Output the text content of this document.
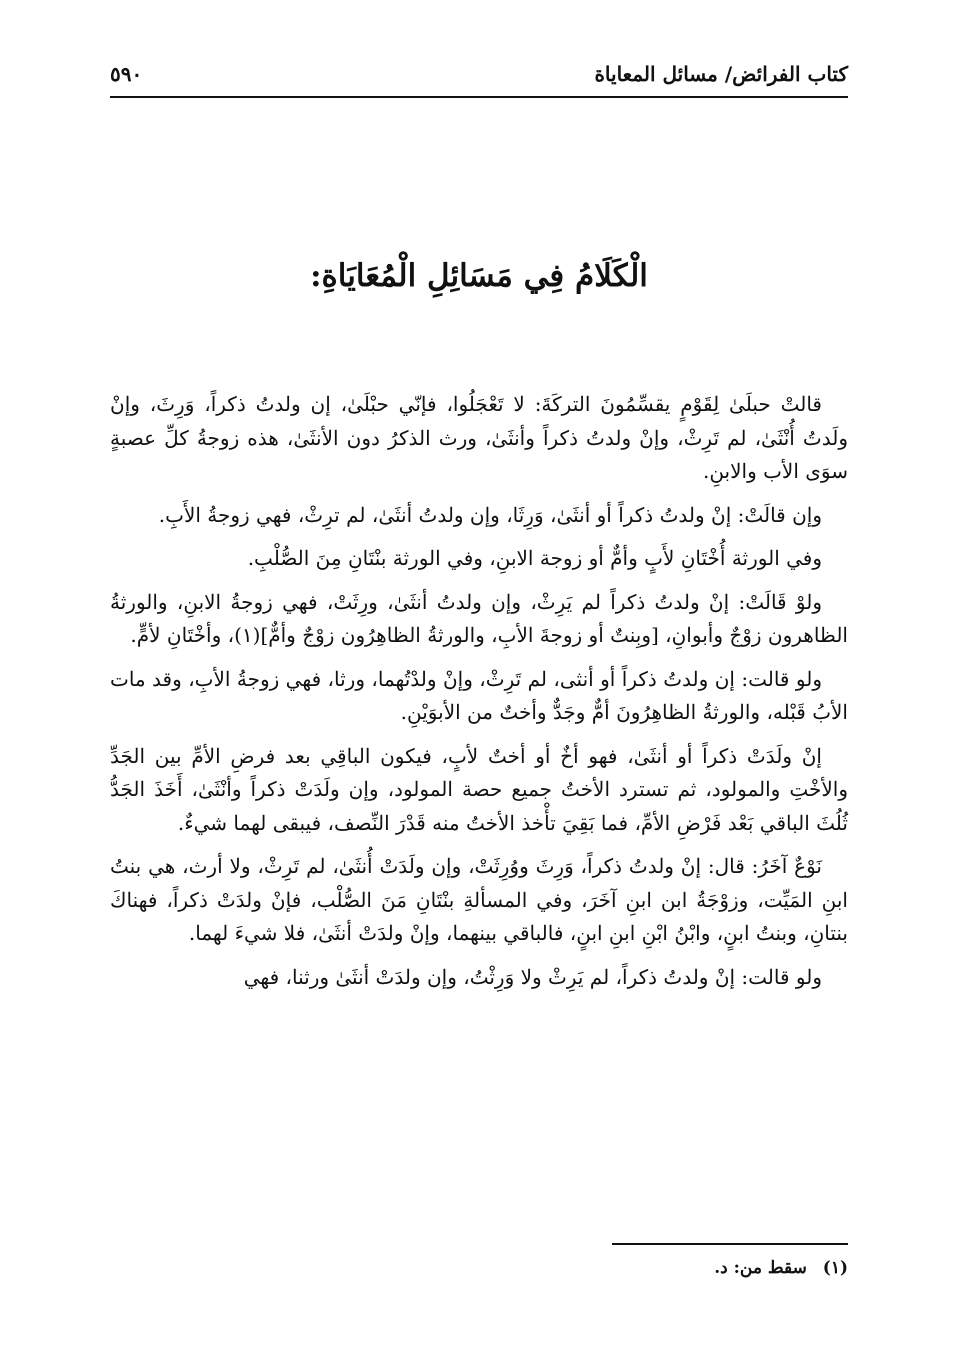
كتاب الفرائض/ مسائل المعاياة
٥٩٠
الْكَلَامُ فِي مَسَائِلِ الْمُعَايَاةِ:

قالتْ حبلَىٰ لِقَوْمٍ يقسِّمُونَ التركَةَ: لا تَعْجَلُوا، فإنّي حبْلَىٰ، إن ولدتُ ذكراً، وَرِثَ، وإنْ ولَدتُ أُنْثَىٰ، لم تَرِثْ، وإنْ ولدتُ ذكراً وأنثَىٰ، ورث الذكرُ دون الأنثَىٰ، هذه زوجةُ كلِّ عصبةٍ سوَى الأب والابنِ.

وإن قالَتْ: إنْ ولدتُ ذكراً أو أنثَىٰ، وَرِثَا، وإن ولدتُ أنثَىٰ، لم ترِثْ، فهي زوجةُ الأَبِ.

وفي الورثة أُخْتَانِ لأَبٍ وأمٌّ أو زوجة الابنِ، وفي الورثة بنْتَانِ مِنَ الصُّلْبِ.

ولوْ قَالَتْ: إنْ ولدتُ ذكراً لم يَرِثْ، وإن ولدتُ أنثَىٰ، ورِثَتْ، فهي زوجةُ الابنِ، والورثةُ الظاهرون زوْجٌ وأبوانِ، [وبِنتٌ أو زوجةَ الأبِ، والورثةُ الظاهِرُون زوْجٌ وأمٌّ](١)، وأخْتَانِ لأمٍّ.

ولو قالت: إن ولدتُ ذكراً أو أنثى، لم تَرِثْ، وإنْ ولدْتُهما، ورثا، فهي زوجةُ الأبِ، وقد مات الأبُ قَبْله، والورثةُ الظاهِرُونَ أمٌّ وجَدٌّ وأختٌ من الأبوَيْنِ.

إنْ ولَدَتْ ذكراً أو أنثَىٰ، فهو أخٌ أو أختٌ لأبٍ، فيكون الباقِي بعد فرضِ الأمِّ بين الجَدِّ والأخْتِ والمولود، ثم تسترد الأختُ جميع حصة المولود، وإن ولَدَتْ ذكراً وأنْثَىٰ، أَخَذَ الجَدُّ ثُلُثَ الباقي بَعْد فَرْضِ الأمِّ، فما بَقِيَ تأْخذ الأختُ منه قَدْرَ النِّصف، فيبقى لهما شيءٌ.

نَوْعٌ آخَرُ: قال: إنْ ولدتُ ذكراً، وَرِثَ ووُرِثَتْ، وإن ولَدَتْ أُنثَىٰ، لم تَرِثْ، ولا أرث، هي بنتُ ابنِ المَيِّت، وزوْجَةُ ابن ابنِ آخَرَ، وفي المسألةِ بنْتَانِ مَنَ الصُّلْب، فإنْ ولدَتْ ذكراً، فهناكَ بنتانِ، وبنتُ ابنٍ، وابْنُ ابْنِ ابنِ ابنٍ، فالباقي بينهما، وإنْ ولدَتْ أنثَىٰ، فلا شيءَ لهما.

ولو قالت: إنْ ولدتُ ذكراً، لم يَرِثْ ولا وَرِثْتُ، وإن ولدَتْ أنثَىٰ ورثنا، فهي

(١) سقط من: د.
